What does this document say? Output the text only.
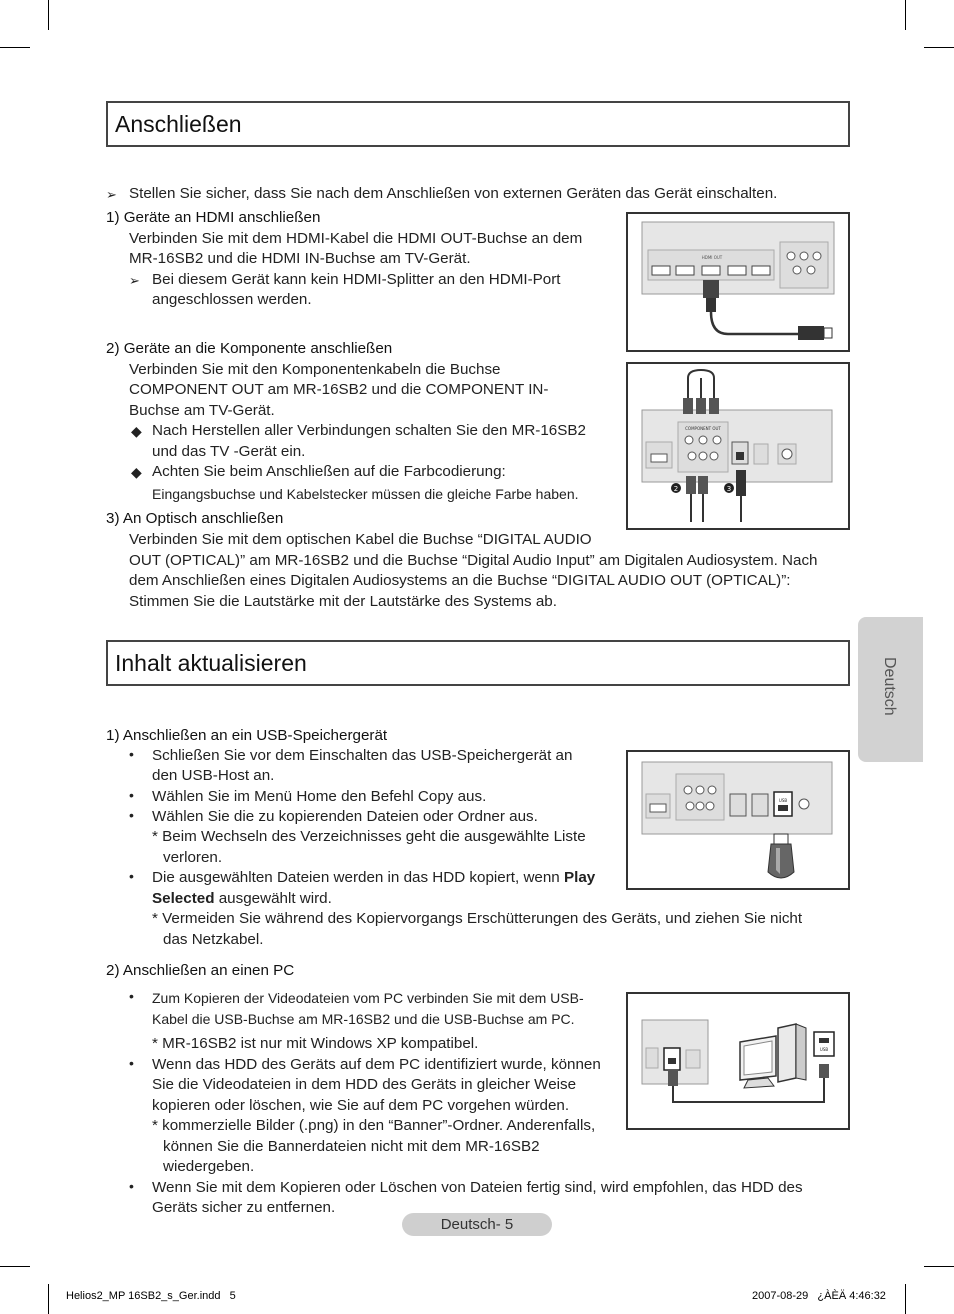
Anschließen
➢ Stellen Sie sicher, dass Sie nach dem Anschließen von externen Geräten das Gerät einschalten.
1) Geräte an HDMI anschließen
Verbinden Sie mit dem HDMI-Kabel die HDMI OUT-Buchse an dem
MR-16SB2 und die HDMI IN-Buchse am TV-Gerät.
➢ Bei diesem Gerät kann kein HDMI-Splitter an den HDMI-Port
angeschlossen werden.
HDMI OUT
2) Geräte an die Komponente anschließen
Verbinden Sie mit den Komponentenkabeln die Buchse
COMPONENT OUT am MR-16SB2 und die COMPONENT IN-
Buchse am TV-Gerät.
◆ Nach Herstellen aller Verbindungen schalten Sie den MR-16SB2
und das TV -Gerät ein.
◆ Achten Sie beim Anschließen auf die Farbcodierung:
Eingangsbuchse und Kabelstecker müssen die gleiche Farbe haben.
COMPONENT OUT
2	3
3) An Optisch anschließen
Verbinden Sie mit dem optischen Kabel die Buchse “DIGITAL AUDIO
OUT (OPTICAL)” am MR-16SB2 und die Buchse “Digital Audio Input” am Digitalen Audiosystem. Nach
dem Anschließen eines Digitalen Audiosystems an die Buchse “DIGITAL AUDIO OUT (OPTICAL)”:
Stimmen Sie die Lautstärke mit der Lautstärke des Systems ab.
Inhalt aktualisieren	Deutsch
1) Anschließen an ein USB-Speichergerät
• Schließen Sie vor dem Einschalten das USB-Speichergerät an
den USB-Host an.
• Wählen Sie im Menü Home den Befehl Copy aus.
• Wählen Sie die zu kopierenden Dateien oder Ordner aus.
* Beim Wechseln des Verzeichnisses geht die ausgewählte Liste
verloren.
• Die ausgewählten Dateien werden in das HDD kopiert, wenn Play
Selected ausgewählt wird.
* Vermeiden Sie während des Kopiervorgangs Erschütterungen des Geräts, und ziehen Sie nicht
das Netzkabel.
USB
2) Anschließen an einen PC
• Zum Kopieren der Videodateien vom PC verbinden Sie mit dem USB-
Kabel die USB-Buchse am MR-16SB2 und die USB-Buchse am PC.
* MR-16SB2 ist nur mit Windows XP kompatibel.
• Wenn das HDD des Geräts auf dem PC identifiziert wurde, können
Sie die Videodateien in dem HDD des Geräts in gleicher Weise
kopieren oder löschen, wie Sie auf dem PC vorgehen würden.
* kommerzielle Bilder (.png) in den “Banner”-Ordner. Anderenfalls,
können Sie die Bannerdateien nicht mit dem MR-16SB2
wiedergeben.
• Wenn Sie mit dem Kopieren oder Löschen von Dateien fertig sind, wird empfohlen, das HDD des
Geräts sicher zu entfernen.
USB
Deutsch- 5
Helios2_MP 16SB2_s_Ger.indd   5	2007-08-29   ¿ÀÈÄ 4:46:32
